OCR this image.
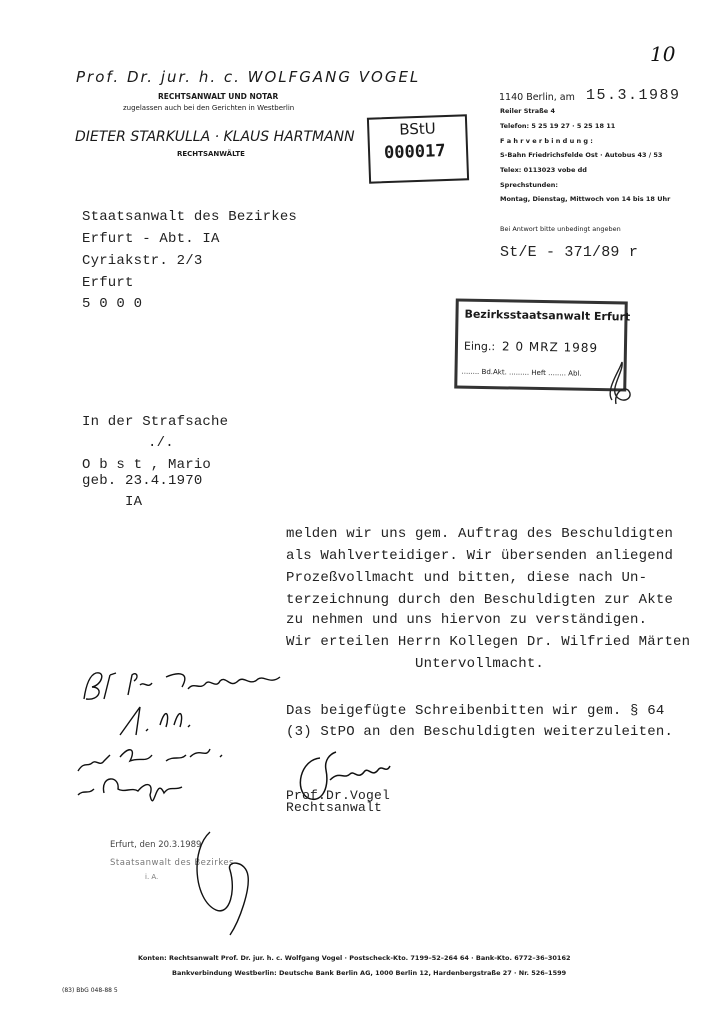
10
Prof. Dr. jur. h. c. WOLFGANG VOGEL
RECHTSANWALT UND NOTAR
zugelassen auch bei den Gerichten in Westberlin
DIETER STARKULLA · KLAUS HARTMANN
RECHTSANWÄLTE
BStU
000017
1140 Berlin, am 15.3.1989
Reiler Straße 4
Telefon: 5 25 19 27 · 5 25 18 11
F a h r v e r b i n d u n g :
S-Bahn Friedrichsfelde Ost · Autobus 43 / 53
Telex: 0113023 vobe dd
Sprechstunden:
Montag, Dienstag, Mittwoch von 14 bis 18 Uhr
Bei Antwort bitte unbedingt angeben
St/E - 371/89 r
Staatsanwalt des Bezirkes
Erfurt - Abt. IA
Cyriakstr. 2/3
Erfurt
5 0 0 0
Bezirksstaatsanwalt Erfurt
Eing.: 2 0 MRZ 1989
........ Bd.Akt. ......... Heft ........ Abl.
In der Strafsache
./.
O b s t , Mario
geb. 23.4.1970
IA
melden wir uns gem. Auftrag des Beschuldigten
als Wahlverteidiger. Wir übersenden anliegend
Prozeßvollmacht und bitten, diese nach Un-
terzeichnung durch den Beschuldigten zur Akte
zu nehmen und uns hiervon zu verständigen.
Wir erteilen Herrn Kollegen Dr. Wilfried Märten
Untervollmacht.
Das beigefügte Schreibenbitten wir gem. § 64
(3) StPO an den Beschuldigten weiterzuleiten.
Prof.Dr.Vogel
Rechtsanwalt
Erfurt, den 20.3.1989
Staatsanwalt des Bezirkes
i. A.
Konten: Rechtsanwalt Prof. Dr. jur. h. c. Wolfgang Vogel · Postscheck-Kto. 7199–52–264 64 · Bank-Kto. 6772–36–30162
Bankverbindung Westberlin: Deutsche Bank Berlin AG, 1000 Berlin 12, Hardenbergstraße 27 · Nr. 526–1599
(83) BbG 048-88 5
